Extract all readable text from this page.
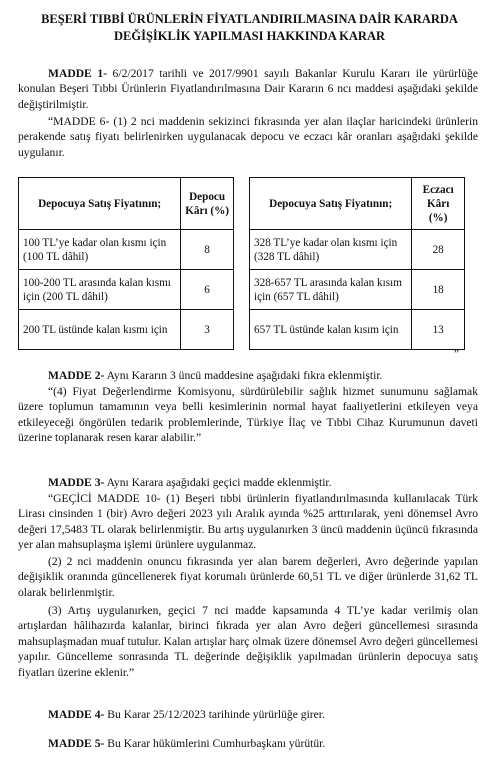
BEŞERİ TIBBİ ÜRÜNLERİN FİYATLANDIRILMASINA DAİR KARARDA
DEĞİŞİKLİK YAPILMASI HAKKINDA KARAR
MADDE 1- 6/2/2017 tarihli ve 2017/9901 sayılı Bakanlar Kurulu Kararı ile yürürlüğe konulan Beşeri Tıbbi Ürünlerin Fiyatlandırılmasına Dair Kararın 6 ncı maddesi aşağıdaki şekilde değiştirilmiştir.
“MADDE 6- (1) 2 nci maddenin sekizinci fıkrasında yer alan ilaçlar haricindeki ürünlerin perakende satış fiyatı belirlenirken uygulanacak depocu ve eczacı kâr oranları aşağıdaki şekilde uygulanır.
Depocuya Satış Fiyatının;	Depocu Kârı (%)
100 TL’ye kadar olan kısmı için (100 TL dâhil)	8
100-200 TL arasında kalan kısmı için (200 TL dâhil)	6
200 TL üstünde kalan kısmı için	3
Depocuya Satış Fiyatının;	Eczacı Kârı (%)
328 TL’ye kadar olan kısmı için (328 TL dâhil)	28
328-657 TL arasında kalan kısım için (657 TL dâhil)	18
657 TL üstünde kalan kısım için	13
”
MADDE 2- Aynı Kararın 3 üncü maddesine aşağıdaki fıkra eklenmiştir.
“(4) Fiyat Değerlendirme Komisyonu, sürdürülebilir sağlık hizmet sunumunu sağlamak üzere toplumun tamamının veya belli kesimlerinin normal hayat faaliyetlerini etkileyen veya etkileyeceği öngörülen tedarik problemlerinde, Türkiye İlaç ve Tıbbi Cihaz Kurumunun daveti üzerine toplanarak resen karar alabilir.”
MADDE 3- Aynı Karara aşağıdaki geçici madde eklenmiştir.
“GEÇİCİ MADDE 10- (1) Beşeri tıbbi ürünlerin fiyatlandırılmasında kullanılacak Türk Lirası cinsinden 1 (bir) Avro değeri 2023 yılı Aralık ayında %25 arttırılarak, yeni dönemsel Avro değeri 17,5483 TL olarak belirlenmiştir. Bu artış uygulanırken 3 üncü maddenin üçüncü fıkrasında yer alan mahsuplaşma işlemi ürünlere uygulanmaz.
(2) 2 nci maddenin onuncu fıkrasında yer alan barem değerleri, Avro değerinde yapılan değişiklik oranında güncellenerek fiyat korumalı ürünlerde 60,51 TL ve diğer ürünlerde 31,62 TL olarak belirlenmiştir.
(3) Artış uygulanırken, geçici 7 nci madde kapsamında 4 TL’ye kadar verilmiş olan artışlardan hâlihazırda kalanlar, birinci fıkrada yer alan Avro değeri güncellemesi sırasında mahsuplaşmadan muaf tutulur. Kalan artışlar harç olmak üzere dönemsel Avro değeri güncellemesi yapılır. Güncelleme sonrasında TL değerinde değişiklik yapılmadan ürünlerin depocuya satış fiyatları üzerine eklenir.”
MADDE 4- Bu Karar 25/12/2023 tarihinde yürürlüğe girer.
MADDE 5- Bu Karar hükümlerini Cumhurbaşkanı yürütür.
